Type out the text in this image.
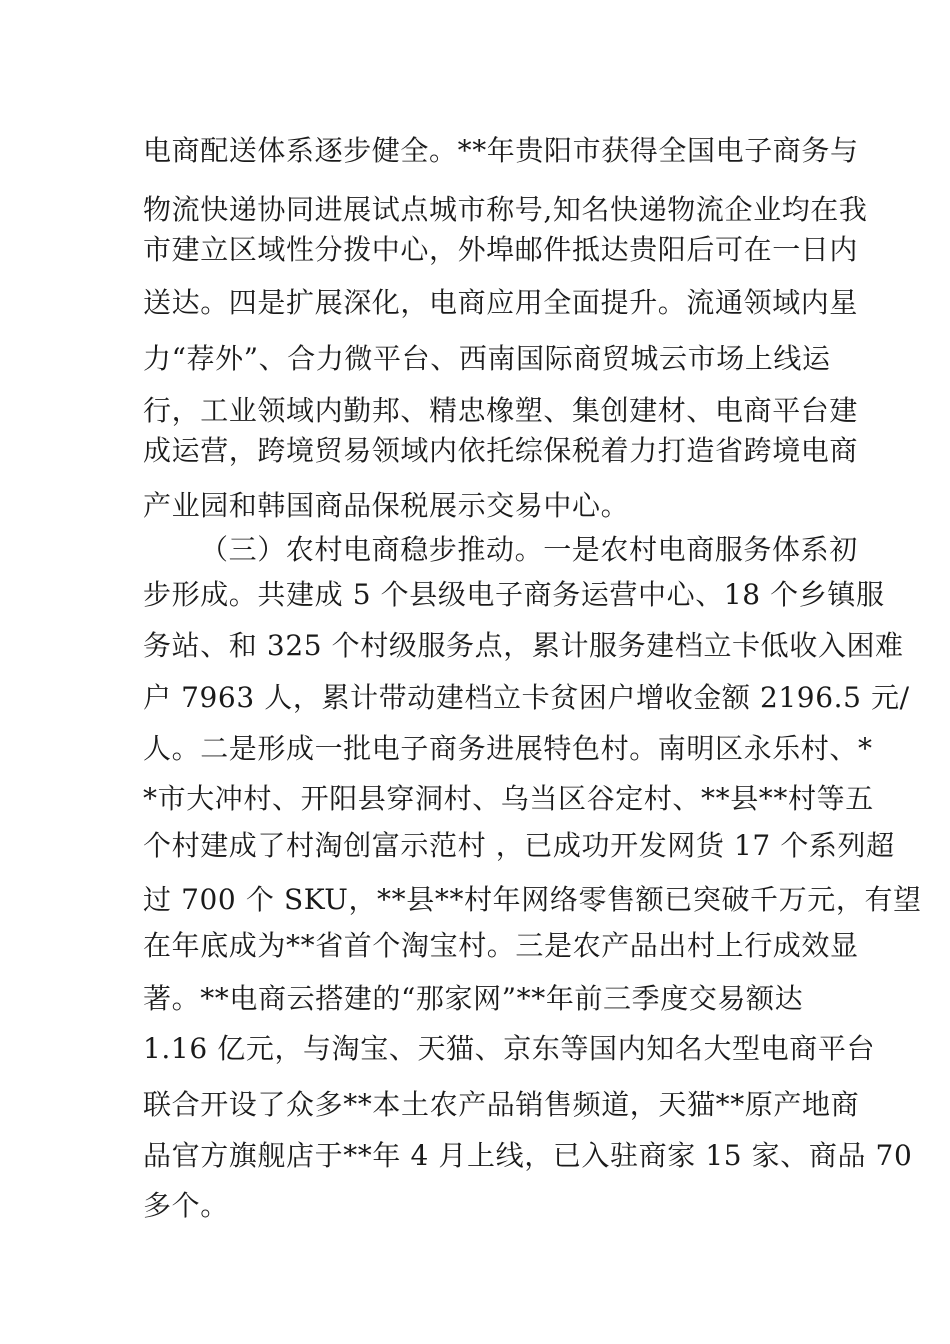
电商配送体系逐步健全。**年贵阳市获得全国电子商务与
物流快递协同进展试点城市称号,知名快递物流企业均在我
市建立区域性分拨中心，外埠邮件抵达贵阳后可在一日内
送达。四是扩展深化，电商应用全面提升。流通领域内星
力“荐外”、合力微平台、西南国际商贸城云市场上线运
行，工业领域内勤邦、精忠橡塑、集创建材、电商平台建
成运营，跨境贸易领域内依托综保税着力打造省跨境电商
产业园和韩国商品保税展示交易中心。
（三）农村电商稳步推动。一是农村电商服务体系初
步形成。共建成 5 个县级电子商务运营中心、18 个乡镇服
务站、和 325 个村级服务点，累计服务建档立卡低收入困难
户 7963 人，累计带动建档立卡贫困户增收金额 2196.5 元/
人。二是形成一批电子商务进展特色村。南明区永乐村、*
*市大冲村、开阳县穿洞村、乌当区谷定村、**县**村等五
个村建成了村淘创富示范村 ，已成功开发网货 17 个系列超
过 700 个 SKU，**县**村年网络零售额已突破千万元，有望
在年底成为**省首个淘宝村。三是农产品出村上行成效显
著。**电商云搭建的“那家网”**年前三季度交易额达
1.16 亿元，与淘宝、天猫、京东等国内知名大型电商平台
联合开设了众多**本土农产品销售频道，天猫**原产地商
品官方旗舰店于**年 4 月上线，已入驻商家 15 家、商品 70
多个。
